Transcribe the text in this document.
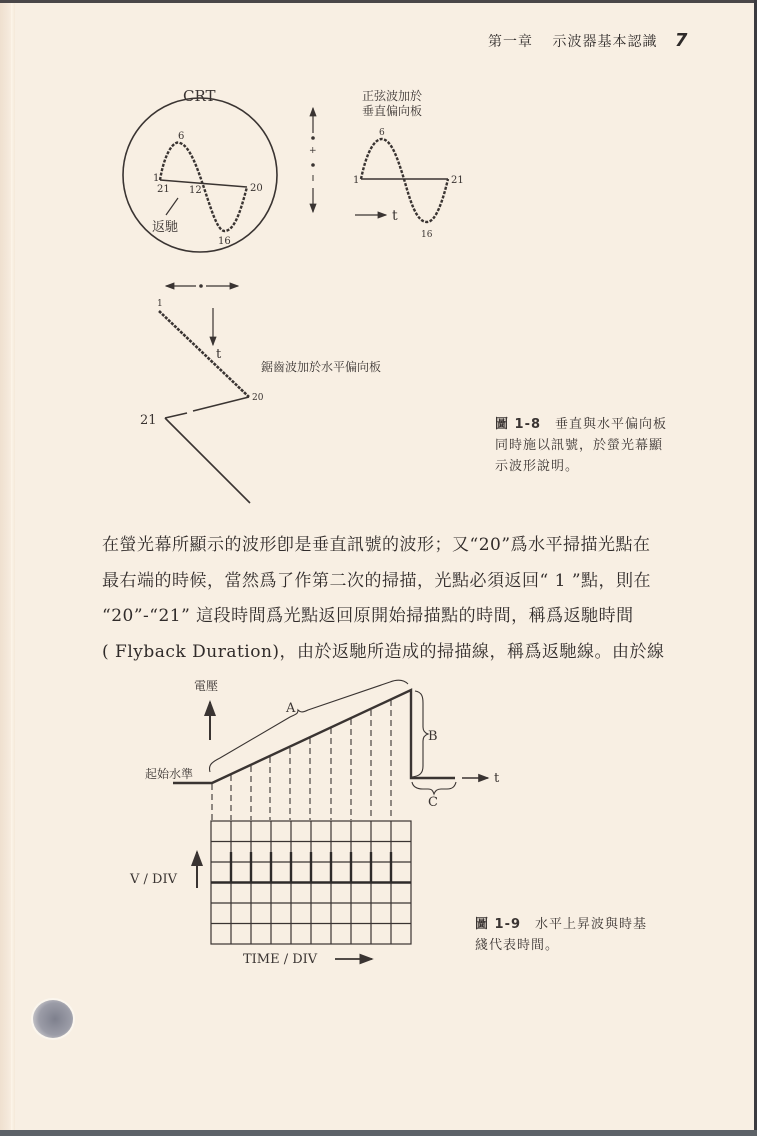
第一章 示波器基本認識 7
CRT
1
6
21 12	20
16
返馳
+
正弦波加於
垂直偏向板
1
6
21
16
t
1
t
20
21
鋸齒波加於水平偏向板
電壓
起始水準	t
A
B
C
V / DIV
TIME / DIV
圖 1-8 垂直與水平偏向板
同時施以訊號，於螢光幕顯
示波形說明。

在螢光幕所顯示的波形卽是垂直訊號的波形；又“20”爲水平掃描光點在

最右端的時候，當然爲了作第二次的掃描，光點必須返回“ 1 ”點，則在

“20”-“21” 這段時間爲光點返回原開始掃描點的時間，稱爲返馳時間

( Flyback Duration)，由於返馳所造成的掃描線，稱爲返馳線。由於線

圖 1-9 水平上昇波與時基
綫代表時間。
